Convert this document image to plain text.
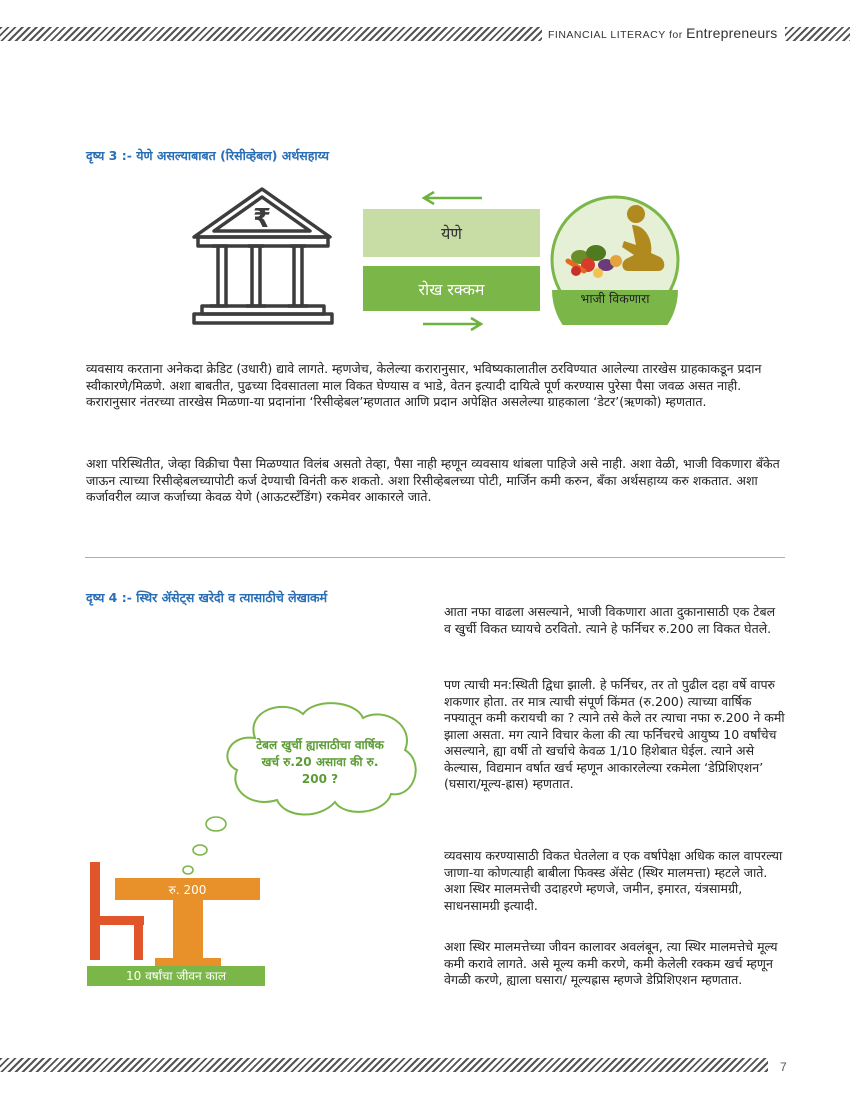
FINANCIAL LITERACY for Entrepreneurs
दृष्य 3 :- येणे असल्याबाबत (रिसीव्हेबल) अर्थसहाय्य
₹	येणे
रोख रक्कम	भाजी विकणारा

व्यवसाय करताना अनेकदा क्रेडिट (उधारी) द्यावे लागते. म्हणजेच, केलेल्या करारानुसार, भविष्यकालातील ठरविण्यात आलेल्या तारखेस ग्राहकाकडून प्रदान स्वीकारणे/मिळणे. अशा बाबतीत, पुढच्या दिवसातला माल विकत घेण्यास व भाडे, वेतन इत्यादी दायित्वे पूर्ण करण्यास पुरेसा पैसा जवळ असत नाही. करारानुसार नंतरच्या तारखेस मिळणा-या प्रदानांना ‘रिसीव्हेबल’म्हणतात आणि प्रदान अपेक्षित असलेल्या ग्राहकाला ‘डेटर’(ऋणको) म्हणतात.

अशा परिस्थितीत, जेव्हा विक्रीचा पैसा मिळण्यात विलंब असतो तेव्हा, पैसा नाही म्हणून व्यवसाय थांबला पाहिजे असे नाही. अशा वेळी, भाजी विकणारा बँकेत जाऊन त्याच्या रिसीव्हेबलच्यापोटी कर्ज देण्याची विनंती करु शकतो. अशा रिसीव्हेबलच्या पोटी, मार्जिन कमी करुन, बँका अर्थसहाय्य करु शकतात. अशा कर्जावरील व्याज कर्जाच्या केवळ येणे (आऊटस्टॅंडिंग) रकमेवर आकारले जाते.

दृष्य 4 :- स्थिर ॲसेट्स खरेदी व त्यासाठीचे लेखाकर्म
टेबल खुर्ची ह्यासाठीचा वार्षिक खर्च रु.20 असावा की रु. 200 ?
रु. 200
10 वर्षांचा जीवन काल

आता नफा वाढला असल्याने, भाजी विकणारा आता दुकानासाठी एक टेबल व खुर्ची विकत घ्यायचे ठरवितो. त्याने हे फर्निचर रु.200 ला विकत घेतले.

पण त्याची मन:स्थिती द्विधा झाली. हे फर्निचर, तर तो पुढील दहा वर्षे वापरु शकणार होता. तर मात्र त्याची संपूर्ण किंमत (रु.200) त्याच्या वार्षिक नफ्यातून कमी करायची का ? त्याने तसे केले तर त्याचा नफा रु.200 ने कमी झाला असता. मग त्याने विचार केला की त्या फर्निचरचे आयुष्य 10 वर्षांचेच असल्याने, ह्या वर्षी तो खर्चाचे केवळ 1/10 हिशेबात घेईल. त्याने असे केल्यास, विद्यमान वर्षात खर्च म्हणून आकारलेल्या रकमेला ‘डेप्रिशिएशन’ (घसारा/मूल्य-ह्रास) म्हणतात.

व्यवसाय करण्यासाठी विकत घेतलेला व एक वर्षापेक्षा अधिक काल वापरल्या जाणा-या कोणत्याही बाबीला फिक्स्ड ॲसेट (स्थिर मालमत्ता) म्हटले जाते. अशा स्थिर मालमत्तेची उदाहरणे म्हणजे, जमीन, इमारत, यंत्रसामग्री, साधनसामग्री इत्यादी.

अशा स्थिर मालमत्तेच्या जीवन कालावर अवलंबून, त्या स्थिर मालमत्तेचे मूल्य कमी करावे लागते. असे मूल्य कमी करणे, कमी केलेली रक्कम खर्च म्हणून वेगळी करणे, ह्याला घसारा/ मूल्यह्रास म्हणजे डेप्रिशिएशन म्हणतात.

7
